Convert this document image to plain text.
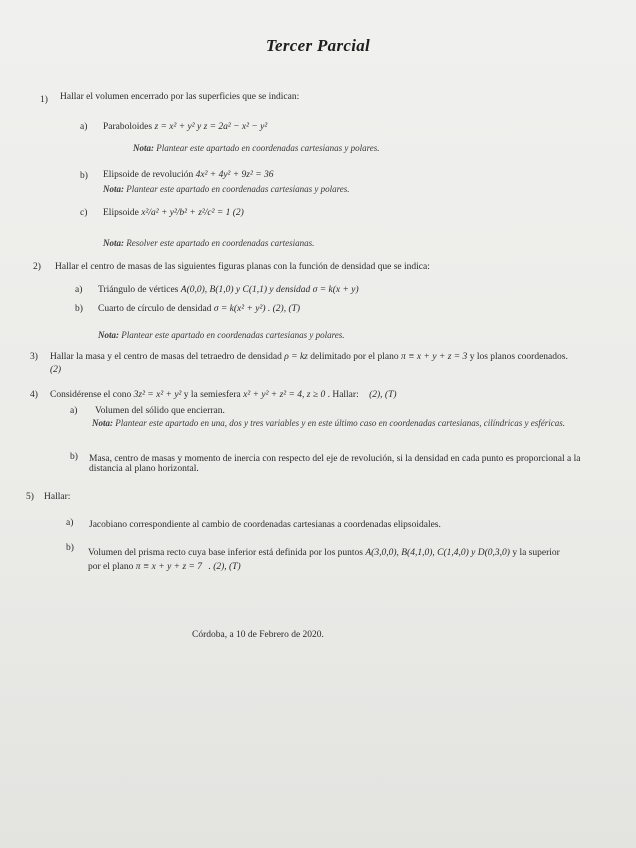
Tercer Parcial
1) Hallar el volumen encerrado por las superficies que se indican:
a) Paraboloides z = x² + y² y z = 2a² − x² − y²
Nota: Plantear este apartado en coordenadas cartesianas y polares.
b) Elipsoide de revolución 4x² + 4y² + 9z² = 36
Nota: Plantear este apartado en coordenadas cartesianas y polares.
c) Elipsoide x²/a² + y²/b² + z²/c² = 1 (2)
Nota: Resolver este apartado en coordenadas cartesianas.
2) Hallar el centro de masas de las siguientes figuras planas con la función de densidad que se indica:
a) Triángulo de vértices A(0,0), B(1,0) y C(1,1) y densidad σ = k(x + y)
b) Cuarto de círculo de densidad σ = k(x² + y²) . (2), (T)
Nota: Plantear este apartado en coordenadas cartesianas y polares.
3) Hallar la masa y el centro de masas del tetraedro de densidad ρ = kz delimitado por el plano π ≡ x + y + z = 3 y los planos coordenados.
(2)
4) Considérense el cono 3z² = x² + y² y la semiesfera x² + y² + z² = 4, z ≥ 0 . Hallar: (2), (T)
a) Volumen del sólido que encierran.
Nota: Plantear este apartado en una, dos y tres variables y en este último caso en coordenadas cartesianas, cilíndricas y esféricas.
b) Masa, centro de masas y momento de inercia con respecto del eje de revolución, si la densidad en cada punto es proporcional a la distancia al plano horizontal.
5) Hallar:
a) Jacobiano correspondiente al cambio de coordenadas cartesianas a coordenadas elipsoidales.
b) Volumen del prisma recto cuya base inferior está definida por los puntos A(3,0,0), B(4,1,0), C(1,4,0) y D(0,3,0) y la superior
por el plano π ≡ x + y + z = 7 . (2), (T)
Córdoba, a 10 de Febrero de 2020.
